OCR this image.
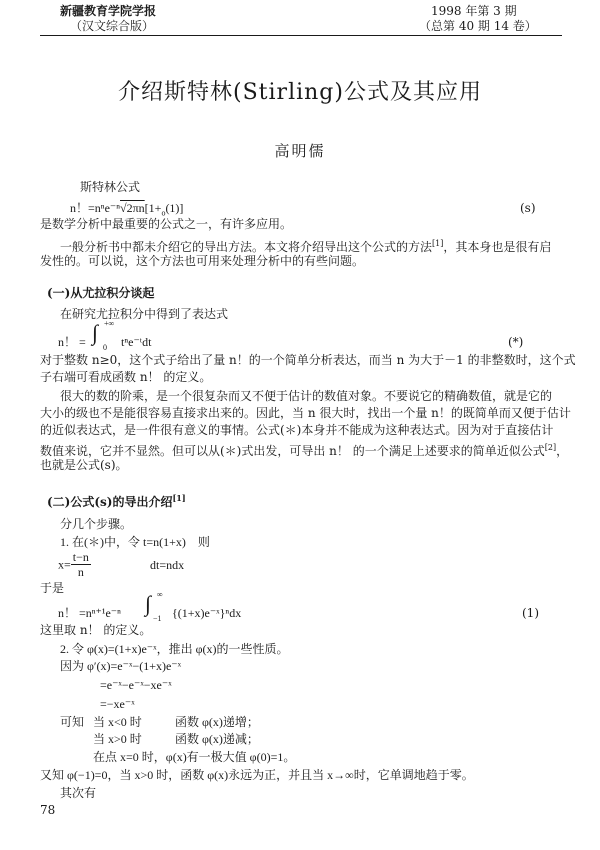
新疆教育学院学报
（汉文综合版）
1998 年第 3 期
（总第 40 期 14 卷）
介绍斯特林(Stirling)公式及其应用
高明儒
斯特林公式
n！$=n^ne^{-n}√2\pi n[1+_o(1)]$	(s)
是数学分析中最重要的公式之一，有许多应用。
一般分析书中都未介绍它的导出方法。本文将介绍导出这个公式的方法[1]，其本身也是很有启
发性的。可以说，这个方法也可用来处理分析中的有些问题。
(一)从尤拉积分谈起
在研究尤拉积分中得到了表达式
n！ = ∫ +∞
0 tⁿe⁻ᵗdt	(*)
对于整数 n≥0，这个式子给出了量 n！的一个简单分析表达，而当 n 为大于－1 的非整数时，这个式
子右端可看成函数 n！ 的定义。
很大的数的阶乘，是一个很复杂而又不便于估计的数值对象。不要说它的精确数值，就是它的
大小的级也不是能很容易直接求出来的。因此，当 n 很大时，找出一个量 n！的既简单而又便于估计
的近似表达式，是一件很有意义的事情。公式(＊)本身并不能成为这种表达式。因为对于直接估计
数值来说，它并不显然。但可以从(＊)式出发，可导出 n！ 的一个满足上述要求的简单近似公式[2]，
也就是公式(s)。
(二)公式(s)的导出介绍[1]
分几个步骤。
1. 在(＊)中，令 t=n(1+x)　则
$x= \frac{t-n}{n}$	dt=ndx
于是
n！ =nⁿ⁺¹e⁻ⁿ ∫ ∞
−1 {(1+x)e⁻ˣ}ⁿdx	(1)
这里取 n！ 的定义。
2. 令 φ(x)=(1+x)e⁻ˣ，推出 φ(x)的一些性质。
因为 φ′(x)=e⁻ˣ−(1+x)e⁻ˣ
=e⁻ˣ−e⁻ˣ−xe⁻ˣ
=−xe⁻ˣ
可知 当 x<0 时	函数 φ(x)递增；
当 x>0 时	函数 φ(x)递减；
在点 x=0 时，φ(x)有一极大值 φ(0)=1。
又知 φ(−1)=0，当 x>0 时，函数 φ(x)永远为正，并且当 x→∞时，它单调地趋于零。
其次有
78
